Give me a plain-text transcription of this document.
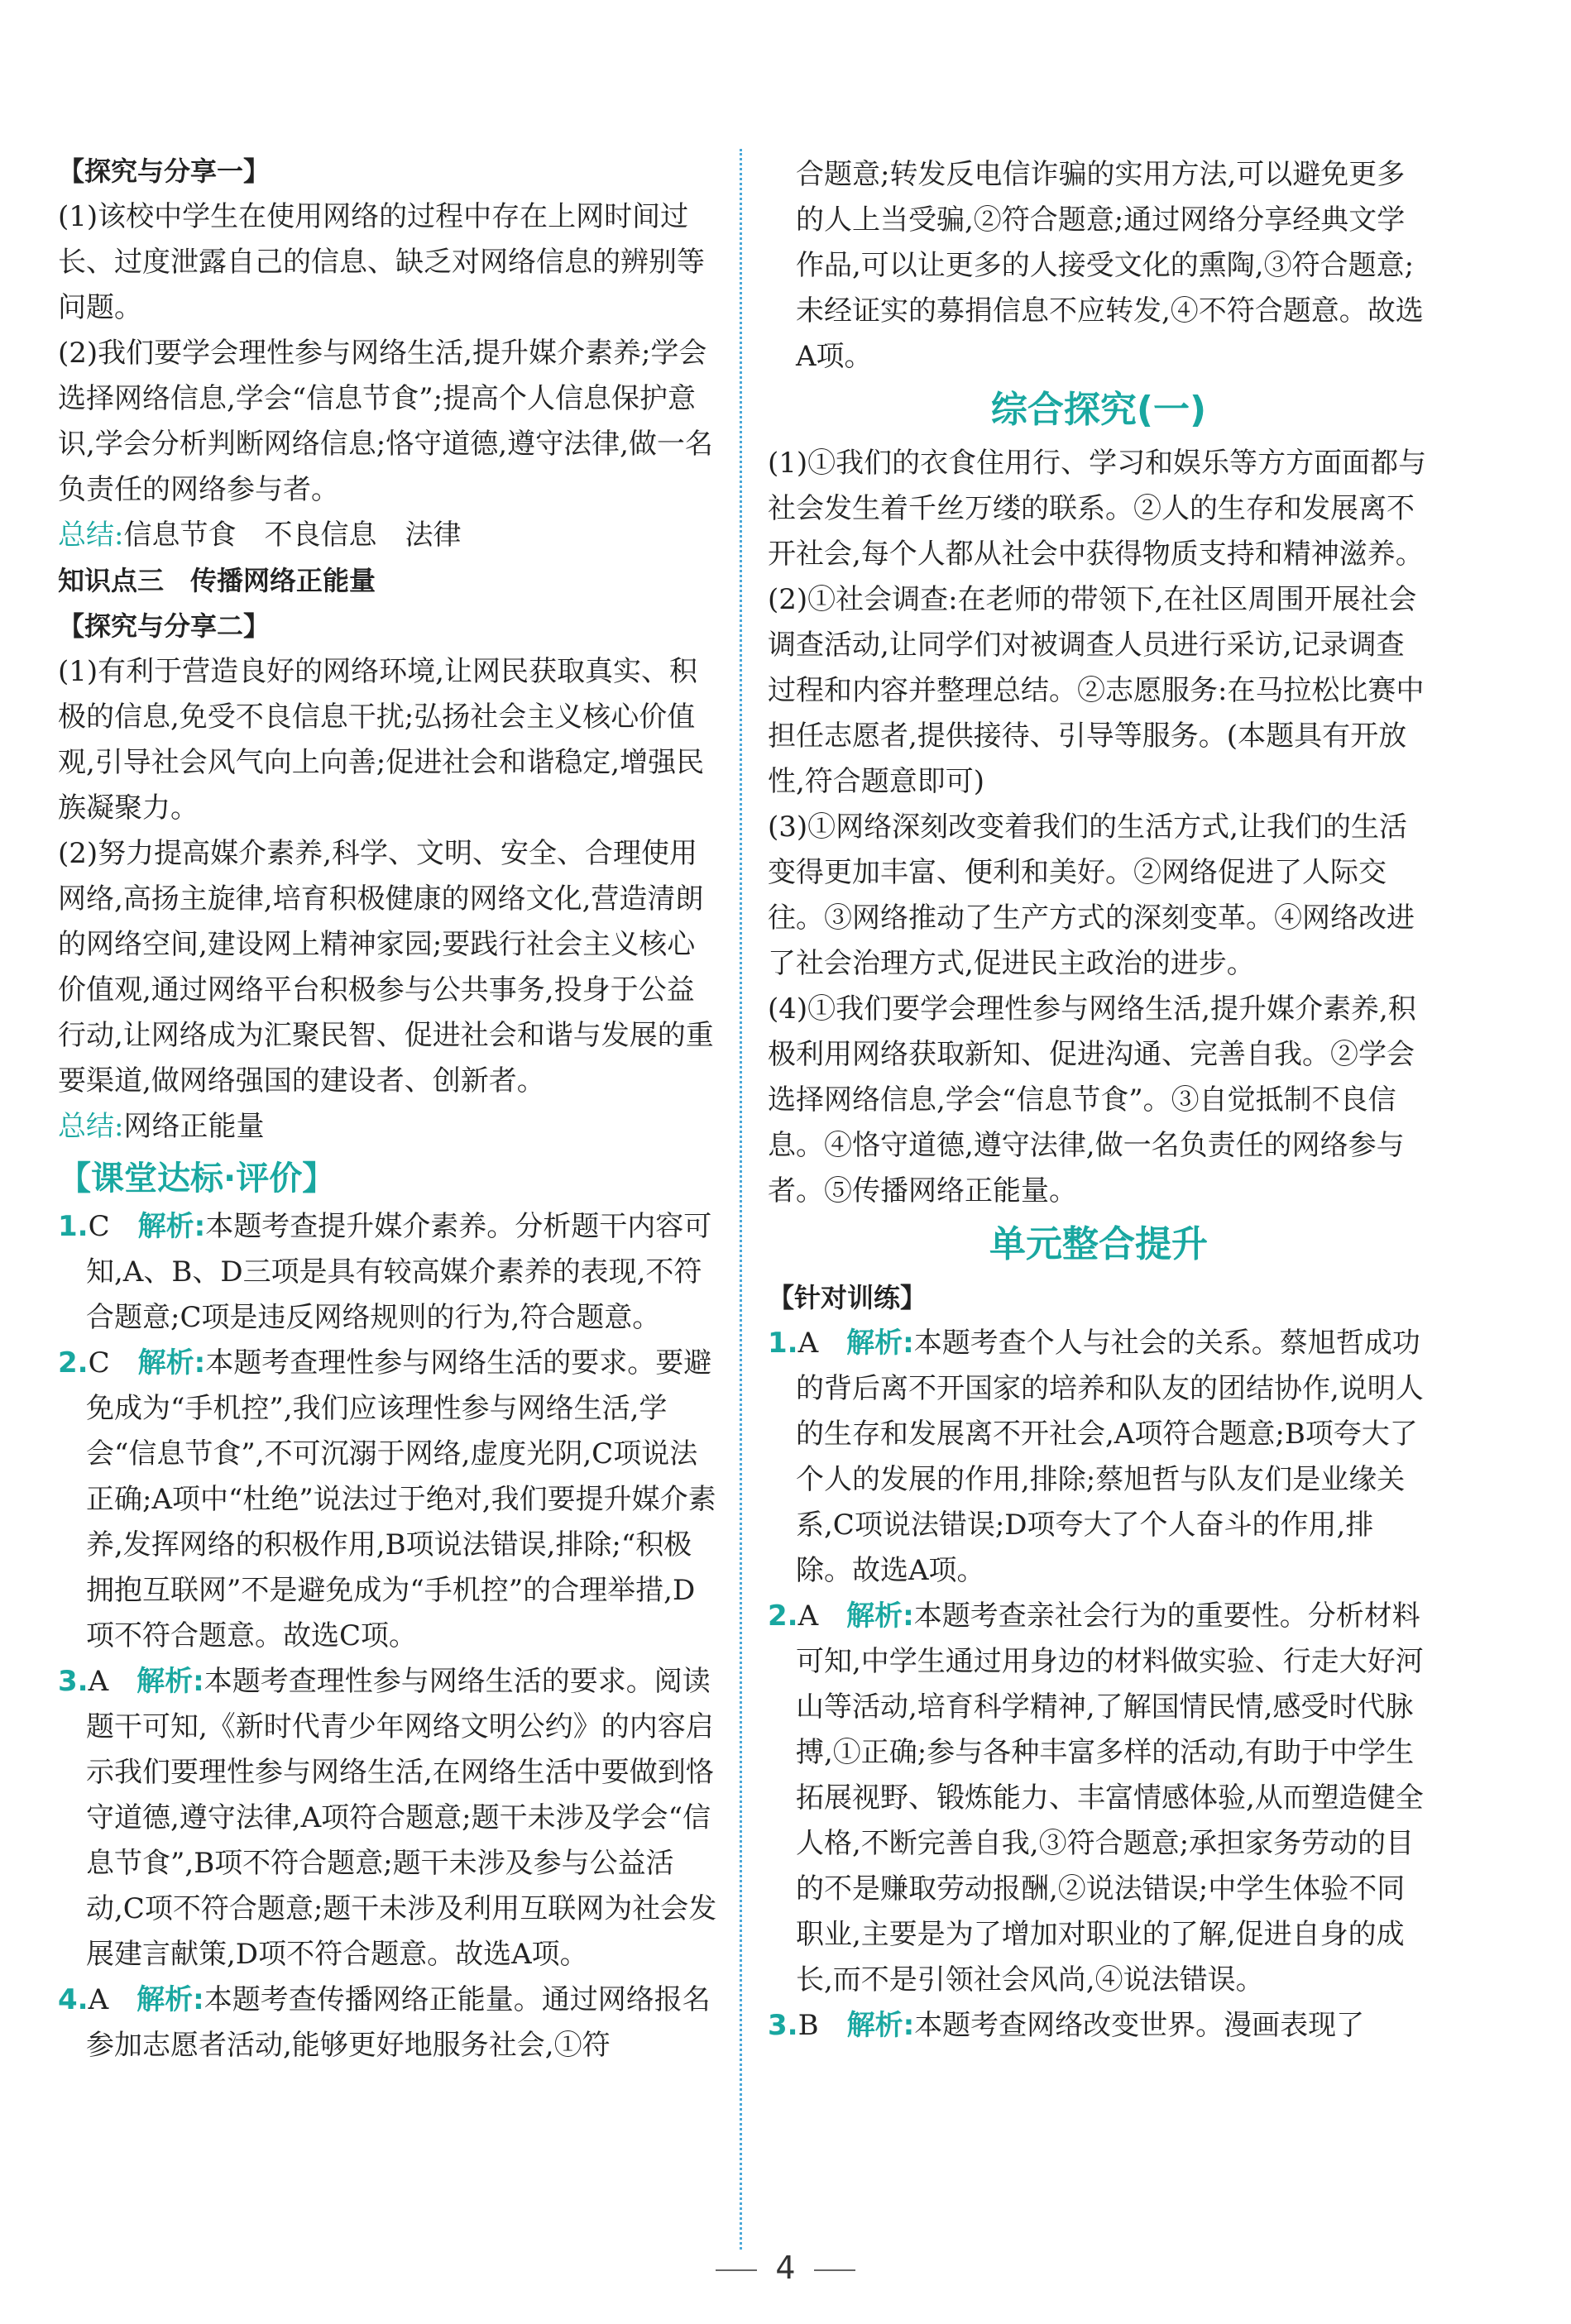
【探究与分享一】

(1)该校中学生在使用网络的过程中存在上网时间过长、过度泄露自己的信息、缺乏对网络信息的辨别等问题。

(2)我们要学会理性参与网络生活,提升媒介素养;学会选择网络信息,学会“信息节食”;提高个人信息保护意识,学会分析判断网络信息;恪守道德,遵守法律,做一名负责任的网络参与者。

总结:信息节食　不良信息　法律

知识点三　传播网络正能量

【探究与分享二】

(1)有利于营造良好的网络环境,让网民获取真实、积极的信息,免受不良信息干扰;弘扬社会主义核心价值观,引导社会风气向上向善;促进社会和谐稳定,增强民族凝聚力。

(2)努力提高媒介素养,科学、文明、安全、合理使用网络,高扬主旋律,培育积极健康的网络文化,营造清朗的网络空间,建设网上精神家园;要践行社会主义核心价值观,通过网络平台积极参与公共事务,投身于公益行动,让网络成为汇聚民智、促进社会和谐与发展的重要渠道,做网络强国的建设者、创新者。

总结:网络正能量

【课堂达标·评价】

1.C　 解析:本题考查提升媒介素养。分析题干内容可知,A、B、D三项是具有较高媒介素养的表现,不符合题意;C项是违反网络规则的行为,符合题意。

2.C　 解析:本题考查理性参与网络生活的要求。要避免成为“手机控”,我们应该理性参与网络生活,学会“信息节食”,不可沉溺于网络,虚度光阴,C项说法正确;A项中“杜绝”说法过于绝对,我们要提升媒介素养,发挥网络的积极作用,B项说法错误,排除;“积极拥抱互联网”不是避免成为“手机控”的合理举措,D项不符合题意。故选C项。

3.A　 解析:本题考查理性参与网络生活的要求。阅读题干可知,《新时代青少年网络文明公约》的内容启示我们要理性参与网络生活,在网络生活中要做到恪守道德,遵守法律,A项符合题意;题干未涉及学会“信息节食”,B项不符合题意;题干未涉及参与公益活动,C项不符合题意;题干未涉及利用互联网为社会发展建言献策,D项不符合题意。故选A项。

4.A　 解析:本题考查传播网络正能量。通过网络报名参加志愿者活动,能够更好地服务社会,①符

合题意;转发反电信诈骗的实用方法,可以避免更多的人上当受骗,②符合题意;通过网络分享经典文学作品,可以让更多的人接受文化的熏陶,③符合题意;未经证实的募捐信息不应转发,④不符合题意。故选A项。

综合探究(一)

(1)①我们的衣食住用行、学习和娱乐等方方面面都与社会发生着千丝万缕的联系。②人的生存和发展离不开社会,每个人都从社会中获得物质支持和精神滋养。

(2)①社会调查:在老师的带领下,在社区周围开展社会调查活动,让同学们对被调查人员进行采访,记录调查过程和内容并整理总结。②志愿服务:在马拉松比赛中担任志愿者,提供接待、引导等服务。(本题具有开放性,符合题意即可)

(3)①网络深刻改变着我们的生活方式,让我们的生活变得更加丰富、便利和美好。②网络促进了人际交往。③网络推动了生产方式的深刻变革。④网络改进了社会治理方式,促进民主政治的进步。

(4)①我们要学会理性参与网络生活,提升媒介素养,积极利用网络获取新知、促进沟通、完善自我。②学会选择网络信息,学会“信息节食”。③自觉抵制不良信息。④恪守道德,遵守法律,做一名负责任的网络参与者。⑤传播网络正能量。

单元整合提升

【针对训练】

1.A　 解析:本题考查个人与社会的关系。蔡旭哲成功的背后离不开国家的培养和队友的团结协作,说明人的生存和发展离不开社会,A项符合题意;B项夸大了个人的发展的作用,排除;蔡旭哲与队友们是业缘关系,C项说法错误;D项夸大了个人奋斗的作用,排除。故选A项。

2.A　 解析:本题考查亲社会行为的重要性。分析材料可知,中学生通过用身边的材料做实验、行走大好河山等活动,培育科学精神,了解国情民情,感受时代脉搏,①正确;参与各种丰富多样的活动,有助于中学生拓展视野、锻炼能力、丰富情感体验,从而塑造健全人格,不断完善自我,③符合题意;承担家务劳动的目的不是赚取劳动报酬,②说法错误;中学生体验不同职业,主要是为了增加对职业的了解,促进自身的成长,而不是引领社会风尚,④说法错误。

3.B　 解析:本题考查网络改变世界。漫画表现了

4
